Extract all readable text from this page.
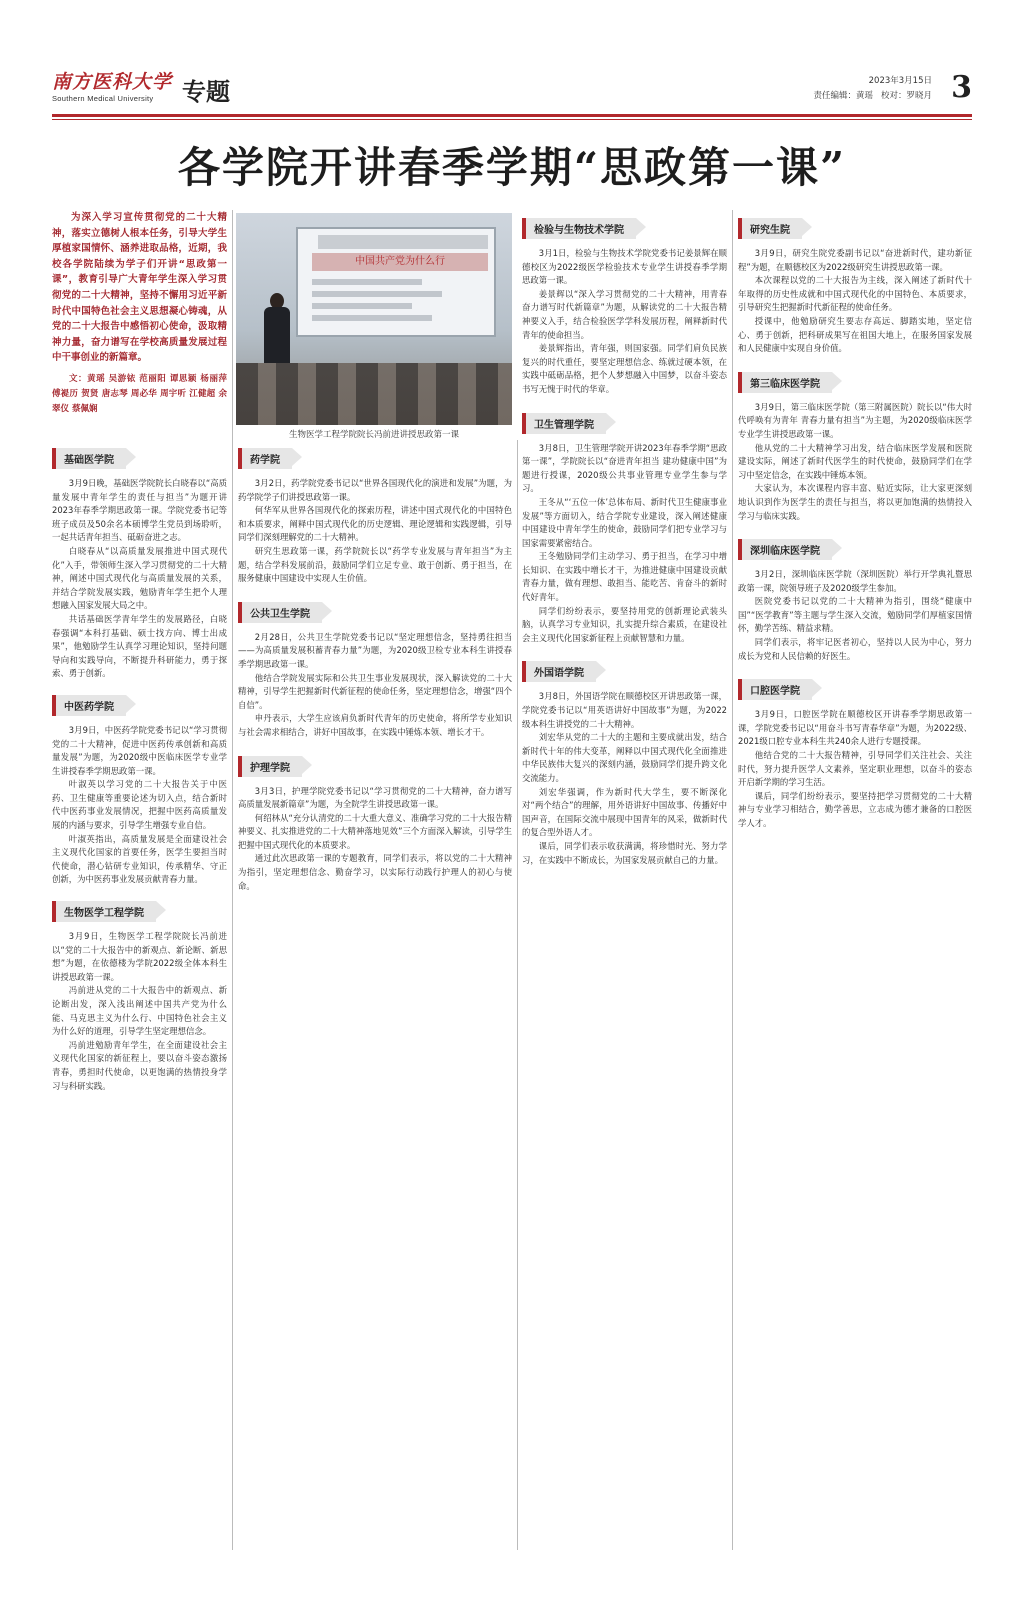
南方医科大学
Southern Medical University	专题	2023年3月15日
责任编辑：黄瑶 校对：罗晓月 3
各学院开讲春季学期“思政第一课”

为深入学习宣传贯彻党的二十大精神，落实立德树人根本任务，引导大学生厚植家国情怀、涵养进取品格，近期，我校各学院陆续为学子们开讲“思政第一课”，教育引导广大青年学生深入学习贯彻党的二十大精神，坚持不懈用习近平新时代中国特色社会主义思想凝心铸魂，从党的二十大报告中感悟初心使命，汲取精神力量，奋力谱写在学校高质量发展过程中干事创业的新篇章。

文：黄瑶 吴游铱 范丽阳 谭思颖 杨丽萍 傅褆历 贺贤 唐志琴 周必华 周宇听 江健超 余翠仪 蔡佩娴

中国共产党为什么行
生物医学工程学院院长冯前进讲授思政第一课
基础医学院

3月9日晚，基础医学院院长白晓春以“高质量发展中青年学生的责任与担当”为题开讲2023年春季学期思政第一课。学院党委书记等班子成员及50余名本硕博学生党员到场聆听，一起共话青年担当、砥砺奋进之志。

白晓春从“以高质量发展推进中国式现代化”入手，带领师生深入学习贯彻党的二十大精神，阐述中国式现代化与高质量发展的关系，并结合学院发展实践，勉励青年学生把个人理想融入国家发展大局之中。

共话基础医学青年学生的发展路径，白晓春强调“本科打基础、硕士找方向、博士出成果”，他勉励学生认真学习理论知识，坚持问题导向和实践导向，不断提升科研能力，勇于探索、勇于创新。

中医药学院

3月9日，中医药学院党委书记以“学习贯彻党的二十大精神，促进中医药传承创新和高质量发展”为题，为2020级中医临床医学专业学生讲授春季学期思政第一课。

叶淑英以学习党的二十大报告关于中医药、卫生健康等重要论述为切入点，结合新时代中医药事业发展情况，把握中医药高质量发展的内涵与要求，引导学生增强专业自信。

叶淑英指出，高质量发展是全面建设社会主义现代化国家的首要任务，医学生要担当时代使命，潜心钻研专业知识，传承精华、守正创新，为中医药事业发展贡献青春力量。

生物医学工程学院

3月9日，生物医学工程学院院长冯前进以“党的二十大报告中的新观点、新论断、新思想”为题，在依德楼为学院2022级全体本科生讲授思政第一课。

冯前进从党的二十大报告中的新观点、新论断出发，深入浅出阐述中国共产党为什么能、马克思主义为什么行、中国特色社会主义为什么好的道理，引导学生坚定理想信念。

冯前进勉励青年学生，在全面建设社会主义现代化国家的新征程上，要以奋斗姿态激扬青春，勇担时代使命，以更饱满的热情投身学习与科研实践。

药学院

3月2日，药学院党委书记以“世界各国现代化的演进和发展”为题，为药学院学子们讲授思政第一课。

何华军从世界各国现代化的探索历程，讲述中国式现代化的中国特色和本质要求，阐释中国式现代化的历史逻辑、理论逻辑和实践逻辑，引导同学们深刻理解党的二十大精神。

研究生思政第一课，药学院院长以“药学专业发展与青年担当”为主题，结合学科发展前沿，鼓励同学们立足专业、敢于创新、勇于担当，在服务健康中国建设中实现人生价值。

公共卫生学院

2月28日，公共卫生学院党委书记以“坚定理想信念，坚持勇往担当——为高质量发展积蓄青春力量”为题，为2020级卫检专业本科生讲授春季学期思政第一课。

他结合学院发展实际和公共卫生事业发展现状，深入解读党的二十大精神，引导学生把握新时代新征程的使命任务，坚定理想信念，增强“四个自信”。

申丹表示，大学生应该肩负新时代青年的历史使命，将所学专业知识与社会需求相结合，讲好中国故事，在实践中锤炼本领、增长才干。

护理学院

3月3日，护理学院党委书记以“学习贯彻党的二十大精神，奋力谱写高质量发展新篇章”为题，为全院学生讲授思政第一课。

何绍林从“充分认清党的二十大重大意义、准确学习党的二十大报告精神要义、扎实推进党的二十大精神落地见效”三个方面深入解读，引导学生把握中国式现代化的本质要求。

通过此次思政第一课的专题教育，同学们表示，将以党的二十大精神为指引，坚定理想信念、勤奋学习，以实际行动践行护理人的初心与使命。

检验与生物技术学院

3月1日，检验与生物技术学院党委书记姜景辉在顺德校区为2022级医学检验技术专业学生讲授春季学期思政第一课。

姜景辉以“深入学习贯彻党的二十大精神，用青春奋力谱写时代新篇章”为题，从解读党的二十大报告精神要义入手，结合检验医学学科发展历程，阐释新时代青年的使命担当。

姜景辉指出，青年强，则国家强。同学们肩负民族复兴的时代重任，要坚定理想信念、练就过硬本领，在实践中砥砺品格，把个人梦想融入中国梦，以奋斗姿态书写无愧于时代的华章。

卫生管理学院

3月8日，卫生管理学院开讲2023年春季学期“思政第一课”，学院院长以“奋进青年担当 建功健康中国”为题进行授课，2020级公共事业管理专业学生参与学习。

王冬从“‘五位一体’总体布局、新时代卫生健康事业发展”等方面切入，结合学院专业建设，深入阐述健康中国建设中青年学生的使命，鼓励同学们把专业学习与国家需要紧密结合。

王冬勉励同学们主动学习、勇于担当，在学习中增长知识、在实践中增长才干，为推进健康中国建设贡献青春力量，做有理想、敢担当、能吃苦、肯奋斗的新时代好青年。

同学们纷纷表示，要坚持用党的创新理论武装头脑，认真学习专业知识，扎实提升综合素质，在建设社会主义现代化国家新征程上贡献智慧和力量。

外国语学院

3月8日，外国语学院在顺德校区开讲思政第一课，学院党委书记以“用英语讲好中国故事”为题，为2022级本科生讲授党的二十大精神。

刘宏华从党的二十大的主题和主要成就出发，结合新时代十年的伟大变革，阐释以中国式现代化全面推进中华民族伟大复兴的深刻内涵，鼓励同学们提升跨文化交流能力。

刘宏华强调，作为新时代大学生，要不断深化对“两个结合”的理解，用外语讲好中国故事、传播好中国声音，在国际交流中展现中国青年的风采，做新时代的复合型外语人才。

课后，同学们表示收获满满，将珍惜时光、努力学习，在实践中不断成长，为国家发展贡献自己的力量。

研究生院

3月9日，研究生院党委副书记以“奋进新时代，建功新征程”为题，在顺德校区为2022级研究生讲授思政第一课。

本次课程以党的二十大报告为主线，深入阐述了新时代十年取得的历史性成就和中国式现代化的中国特色、本质要求，引导研究生把握新时代新征程的使命任务。

授课中，他勉励研究生要志存高远、脚踏实地，坚定信心、勇于创新，把科研成果写在祖国大地上，在服务国家发展和人民健康中实现自身价值。

第三临床医学院

3月9日，第三临床医学院（第三附属医院）院长以“伟大时代呼唤有为青年 青春力量有担当”为主题，为2020级临床医学专业学生讲授思政第一课。

他从党的二十大精神学习出发，结合临床医学发展和医院建设实际，阐述了新时代医学生的时代使命，鼓励同学们在学习中坚定信念，在实践中锤炼本领。

大家认为，本次课程内容丰富、贴近实际，让大家更深刻地认识到作为医学生的责任与担当，将以更加饱满的热情投入学习与临床实践。

深圳临床医学院

3月2日，深圳临床医学院（深圳医院）举行开学典礼暨思政第一课，院领导班子及2020级学生参加。

医院党委书记以党的二十大精神为指引，围绕“健康中国”“医学教育”等主题与学生深入交流，勉励同学们厚植家国情怀，勤学苦练、精益求精。

同学们表示，将牢记医者初心，坚持以人民为中心，努力成长为党和人民信赖的好医生。

口腔医学院

3月9日，口腔医学院在顺德校区开讲春季学期思政第一课，学院党委书记以“用奋斗书写青春华章”为题，为2022级、2021级口腔专业本科生共240余人进行专题授课。

他结合党的二十大报告精神，引导同学们关注社会、关注时代，努力提升医学人文素养，坚定职业理想，以奋斗的姿态开启新学期的学习生活。

课后，同学们纷纷表示，要坚持把学习贯彻党的二十大精神与专业学习相结合，勤学善思，立志成为德才兼备的口腔医学人才。
